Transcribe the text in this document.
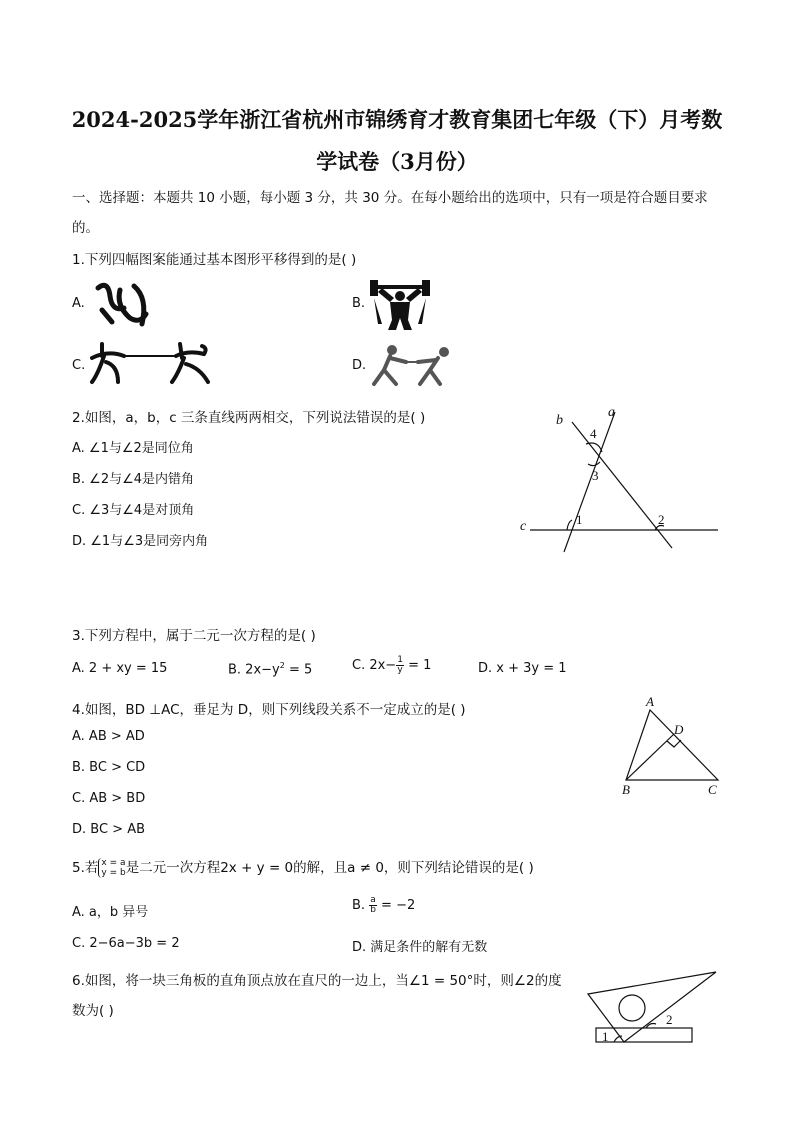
2024-2025学年浙江省杭州市锦绣育才教育集团七年级（下）月考数
学试卷（3月份）
一、选择题：本题共 10 小题，每小题 3 分，共 30 分。在每小题给出的选项中，只有一项是符合题目要求
的。
1.下列四幅图案能通过基本图形平移得到的是( )
A.	B.
C.	D.
2.如图，a，b，c 三条直线两两相交，下列说法错误的是( )
A. ∠1与∠2是同位角
B. ∠2与∠4是内错角
C. ∠3与∠4是对顶角
D. ∠1与∠3是同旁内角
b
a
c	1	2
3
4
3.下列方程中，属于二元一次方程的是( )
A. 2 + xy = 15	B. $2x-y^2 = 5$	C. $2x- \frac{1}{y} = 1$	D. x + 3y = 1
4.如图，BD ⊥AC，垂足为 D，则下列线段关系不一定成立的是( )
A. AB > AD
B. BC > CD
C. AB > BD
D. BC > AB
A
B	C
D
5.若 x = a
y = b 是二元一次方程2x + y = 0的解，且a ≠ 0，则下列结论错误的是( )
A. a，b 异号	B. $\frac{a}{b} = -2$
C. 2−6a−3b = 2	D. 满足条件的解有无数
6.如图，将一块三角板的直角顶点放在直尺的一边上，当∠1 = 50°时，则∠2的度
数为( )
1
2
